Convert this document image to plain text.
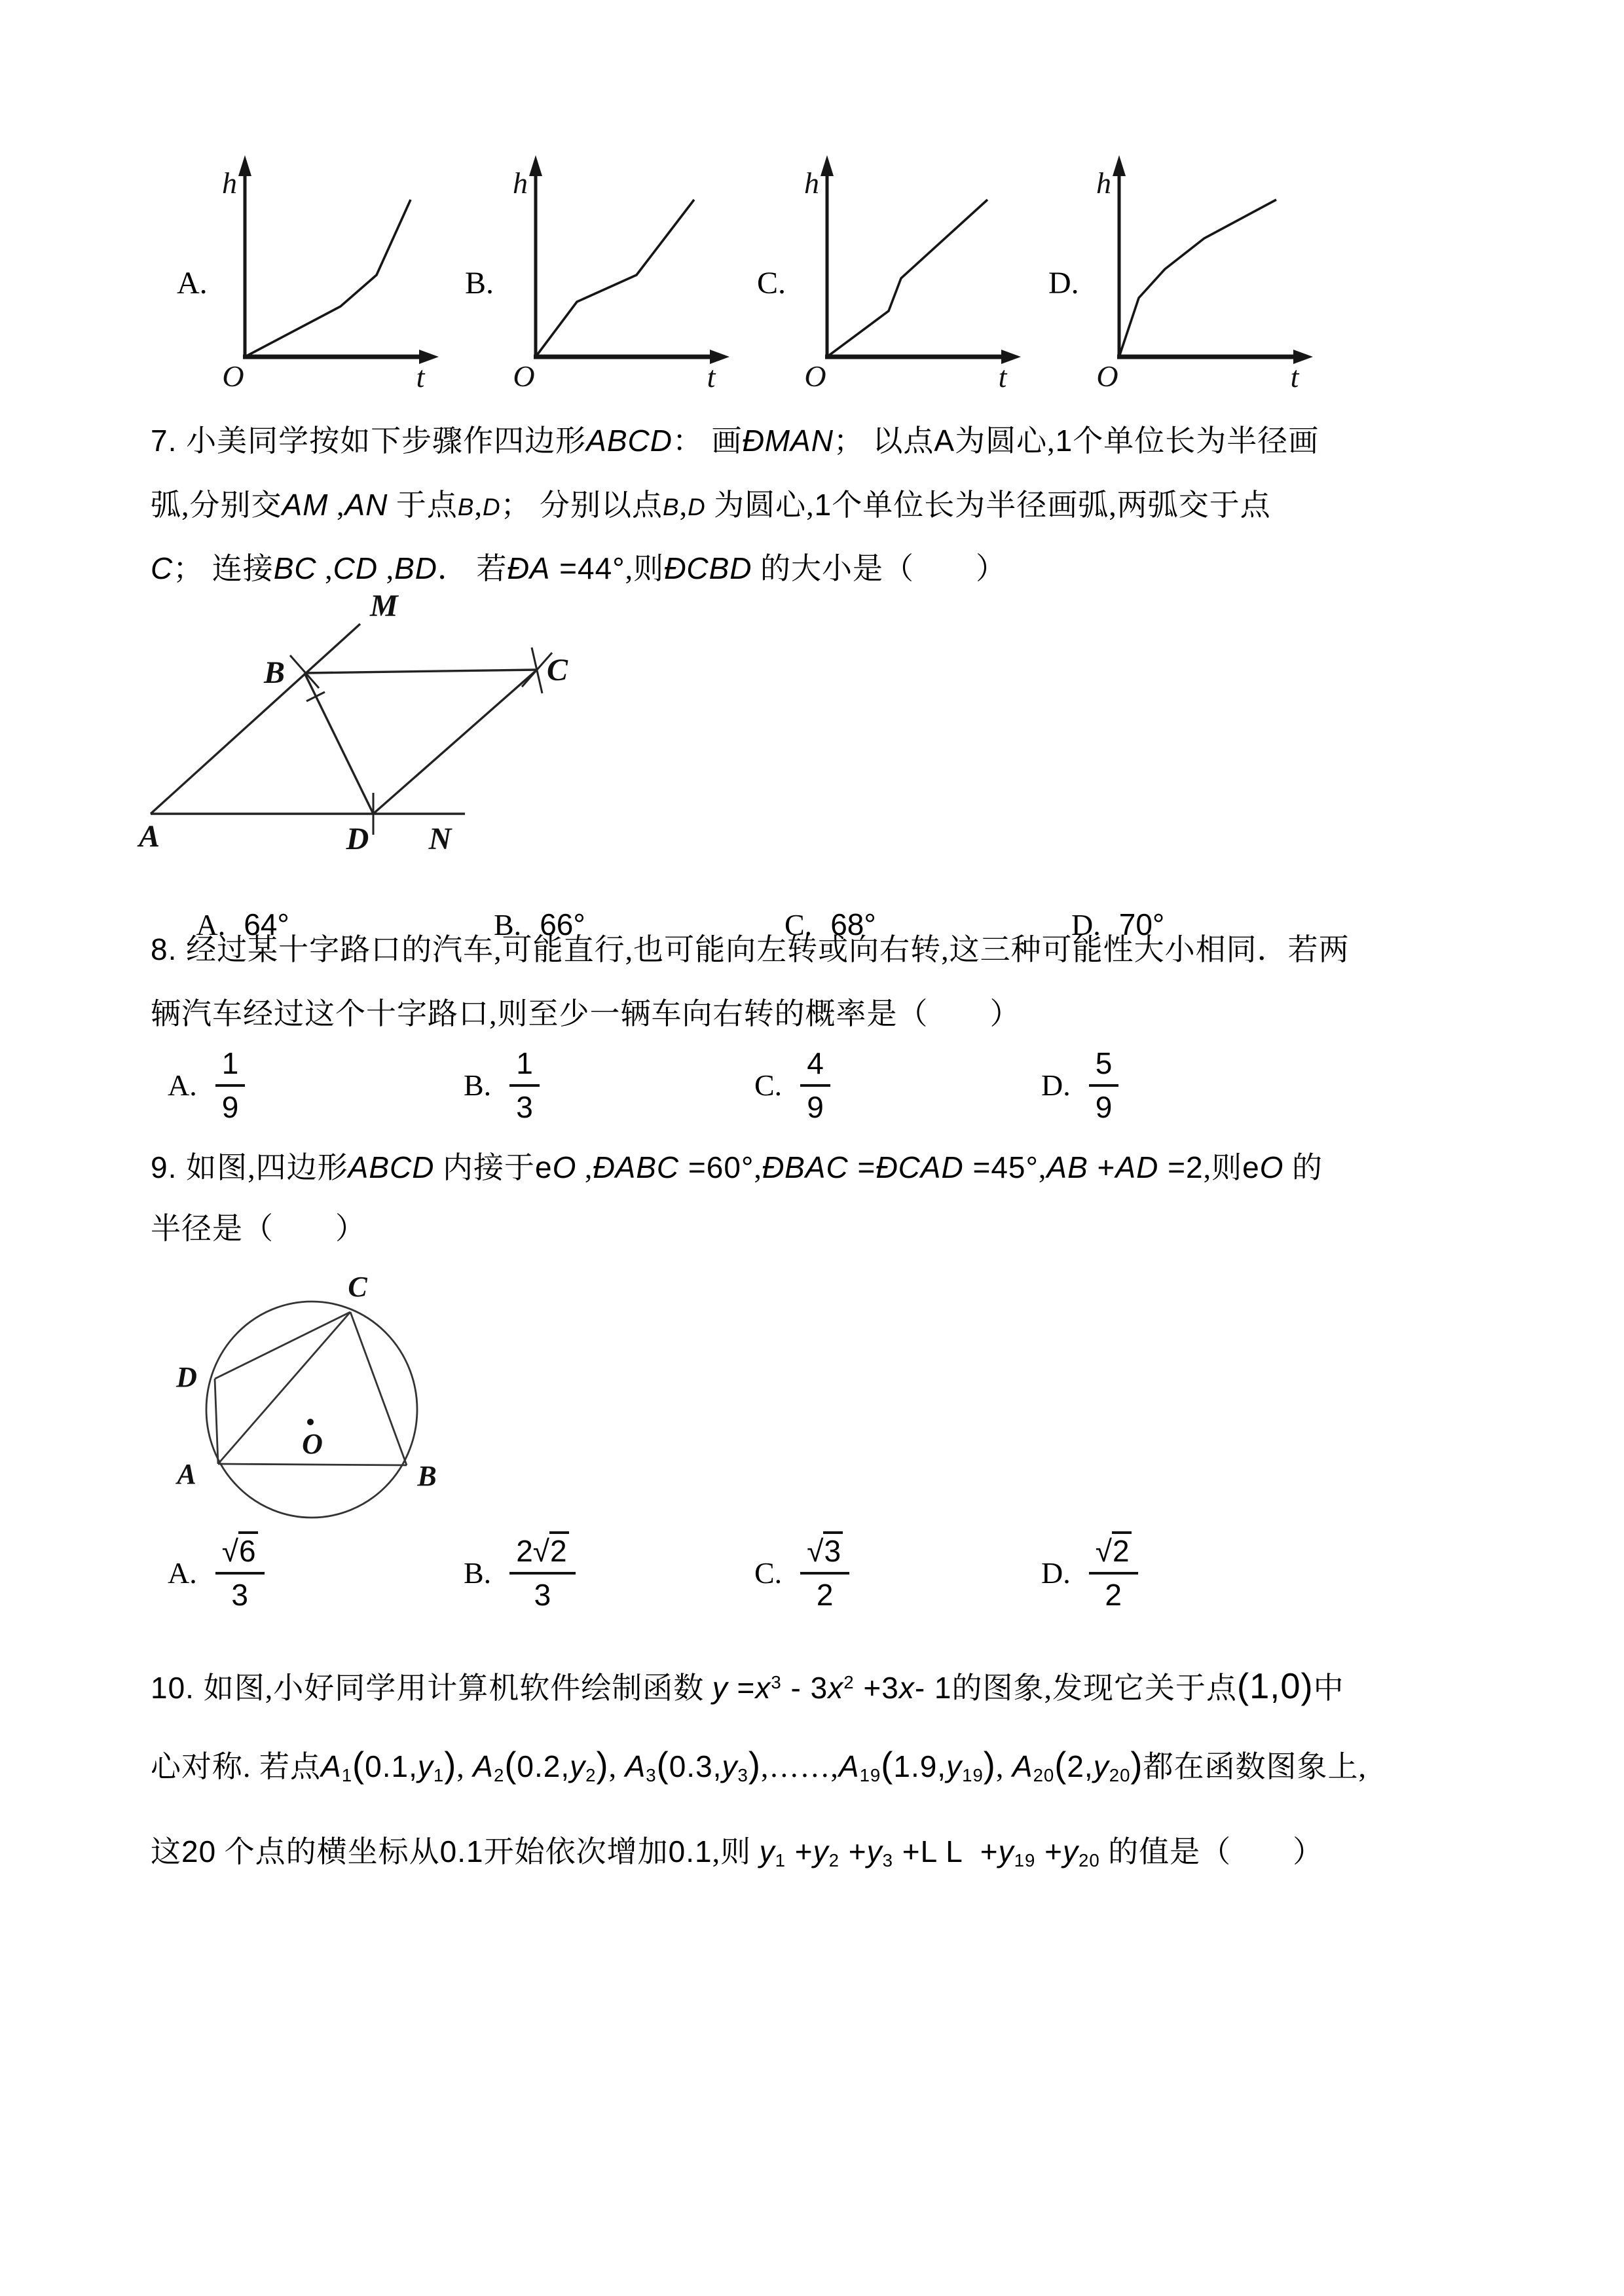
A.	B.	C.	D.
h
O	t
h
O	t
h
O	t
h
O	t
7. 小美同学按如下步骤作四边形ABCD： 画ÐMAN； 以点A为圆心,1个单位长为半径画
弧,分别交AM ,AN 于点B,D； 分别以点B,D 为圆心,1个单位长为半径画弧,两弧交于点
C； 连接BC ,CD ,BD． 若ÐA =44°,则ÐCBD 的大小是（　　）
M
B	C
A	D N

A. 64°
	B. 66°
	C. 68°
	D. 70°

8. 经过某十字路口的汽车,可能直行,也可能向左转或向右转,这三种可能性大小相同．若两
辆汽车经过这个十字路口,则至少一辆车向右转的概率是（　　）
A. $\frac{1}{9}$	B. $\frac{1}{3}$	C. $\frac{4}{9}$	D. $\frac{5}{9}$
9. 如图,四边形ABCD 内接于eO ,ÐABC =60°,ÐBAC =ÐCAD =45°,AB +AD =2,则eO 的
半径是（　　）
C
D
A	B
O
A. $\frac{√6}{3}$	B. $\frac{2√2}{3}$	C. $\frac{√3}{2}$	D. $\frac{√2}{2}$
10. 如图,小好同学用计算机软件绘制函数 $y =x^3 - 3x^2 +3x-$ 1的图象,发现它关于点(1,0)中
心对称. 若点$A_1(0.1,y_1)$, $A_2(0.2,y_2)$, $A_3(0.3,y_3),\dots\dots,A_{19}(1.9,y_{19})$, $A_{20}(2,y_{20})$都在函数图象上,
这20 个点的横坐标从0.1开始依次增加0.1,则 $y_1 +y_2 +y_3 +L$ $L +y_{19} +y_{20}$ 的值是（　　）
